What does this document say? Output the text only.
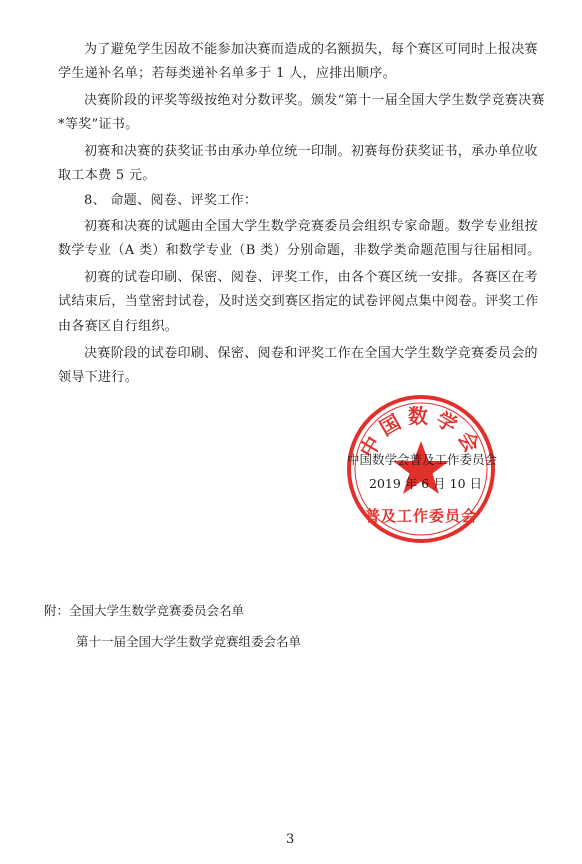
为了避免学生因故不能参加决赛而造成的名额损失，每个赛区可同时上报决赛
学生递补名单；若每类递补名单多于 1 人，应排出顺序。
决赛阶段的评奖等级按绝对分数评奖。颁发“第十一届全国大学生数学竞赛决赛
*等奖”证书。
初赛和决赛的获奖证书由承办单位统一印制。初赛每份获奖证书，承办单位收
取工本费 5 元。
8、 命题、阅卷、评奖工作：
初赛和决赛的试题由全国大学生数学竞赛委员会组织专家命题。数学专业组按
数学专业（A 类）和数学专业（B 类）分别命题，非数学类命题范围与往届相同。
初赛的试卷印刷、保密、阅卷、评奖工作，由各个赛区统一安排。各赛区在考
试结束后，当堂密封试卷，及时送交到赛区指定的试卷评阅点集中阅卷。评奖工作
由各赛区自行组织。
决赛阶段的试卷印刷、保密、阅卷和评奖工作在全国大学生数学竞赛委员会的
领导下进行。
中国数学会
普及工作委员会
中国数学会普及工作委员会
2019 年 6 月 10 日
附：全国大学生数学竞赛委员会名单
第十一届全国大学生数学竞赛组委会名单
3
